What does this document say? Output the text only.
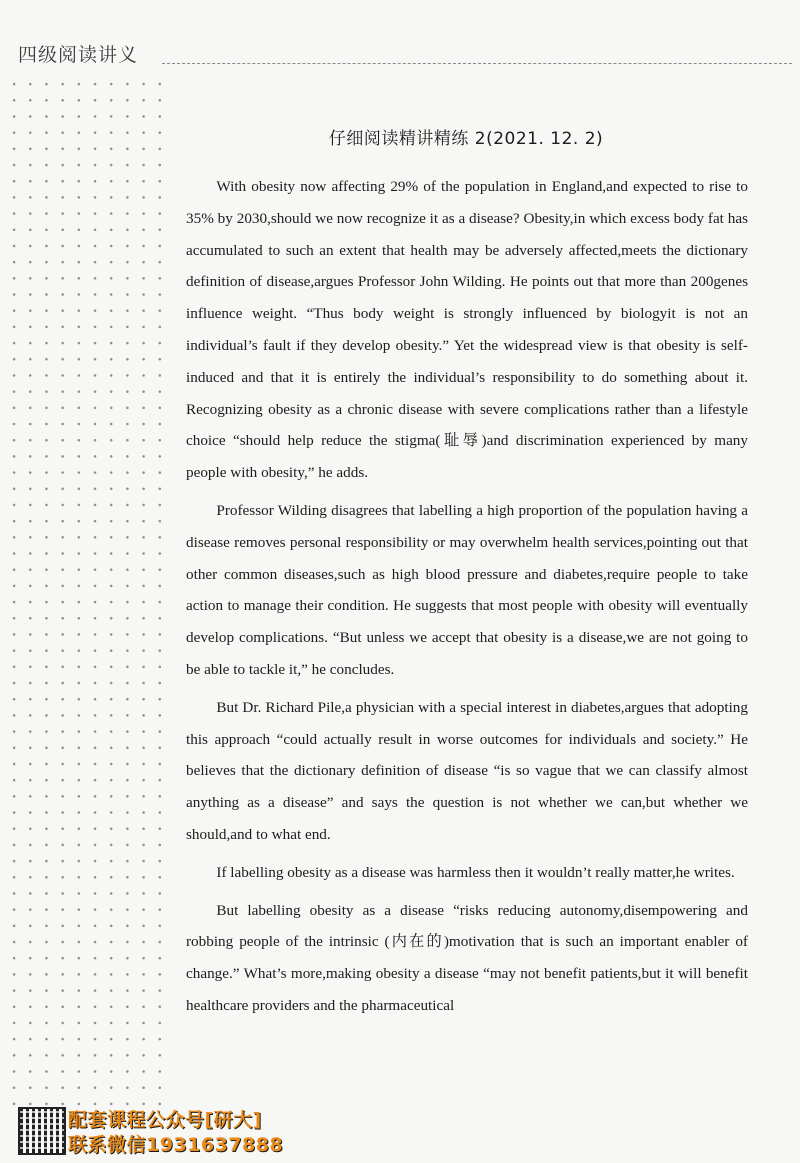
四级阅读讲义
仔细阅读精讲精练 2(2021. 12. 2)

With obesity now affecting 29% of the population in England,and expected to rise to 35% by 2030,should we now recognize it as a disease? Obesity,in which excess body fat has accumulated to such an extent that health may be adversely affected,meets the dictionary definition of disease,argues Professor John Wilding. He points out that more than 200genes influence weight. “Thus body weight is strongly influenced by biologyit is not an individual’s fault if they develop obesity.” Yet the widespread view is that obesity is self-induced and that it is entirely the individual’s responsibility to do something about it. Recognizing obesity as a chronic disease with severe complications rather than a lifestyle choice “should help reduce the stigma(耻辱)and discrimination experienced by many people with obesity,” he adds.

Professor Wilding disagrees that labelling a high proportion of the population having a disease removes personal responsibility or may overwhelm health services,pointing out that other common diseases,such as high blood pressure and diabetes,require people to take action to manage their condition. He suggests that most people with obesity will eventually develop complications. “But unless we accept that obesity is a disease,we are not going to be able to tackle it,” he concludes.

But Dr. Richard Pile,a physician with a special interest in diabetes,argues that adopting this approach “could actually result in worse outcomes for individuals and society.” He believes that the dictionary definition of disease “is so vague that we can classify almost anything as a disease” and says the question is not whether we can,but whether we should,and to what end.

If labelling obesity as a disease was harmless then it wouldn’t really matter,he writes.

But labelling obesity as a disease “risks reducing autonomy,disempowering and robbing people of the intrinsic (内在的)motivation that is such an important enabler of change.” What’s more,making obesity a disease “may not benefit patients,but it will benefit healthcare providers and the pharmaceutical

配套课程公众号[研大]
联系微信1931637888
